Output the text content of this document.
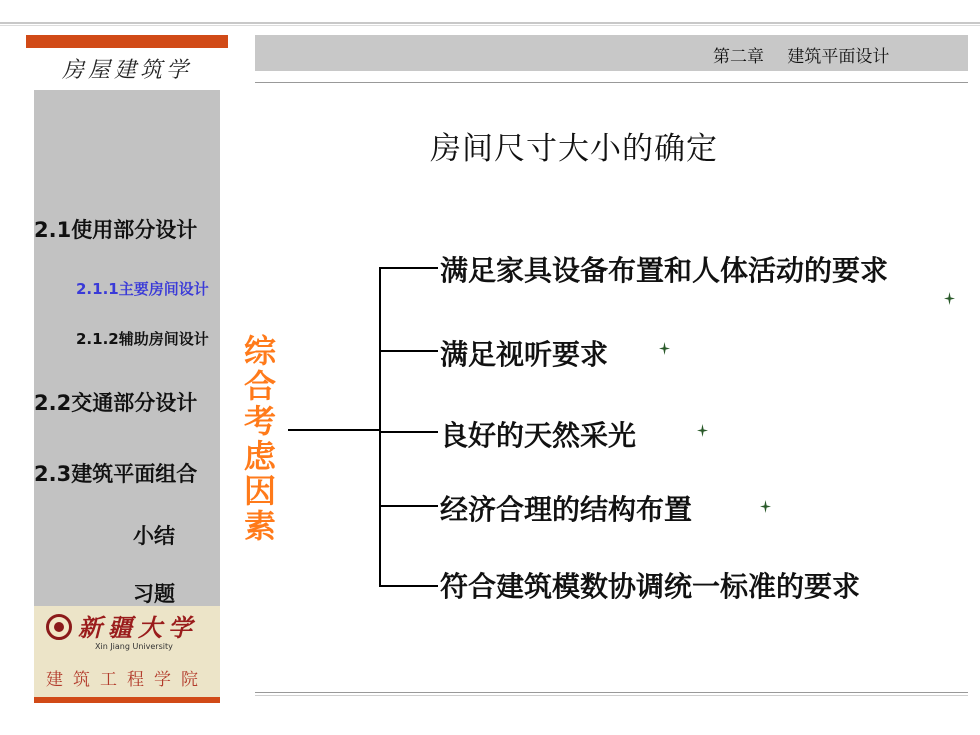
房屋建筑学
2.1使用部分设计
2.1.1主要房间设计
2.1.2辅助房间设计
2.2交通部分设计
2.3建筑平面组合
小结
习题
新疆大学
Xin Jiang University
建筑工程学院
第二章 建筑平面设计
房间尺寸大小的确定
综合考虑因素
满足家具设备布置和人体活动的要求
满足视听要求
良好的天然采光
经济合理的结构布置
符合建筑模数协调统一标准的要求
